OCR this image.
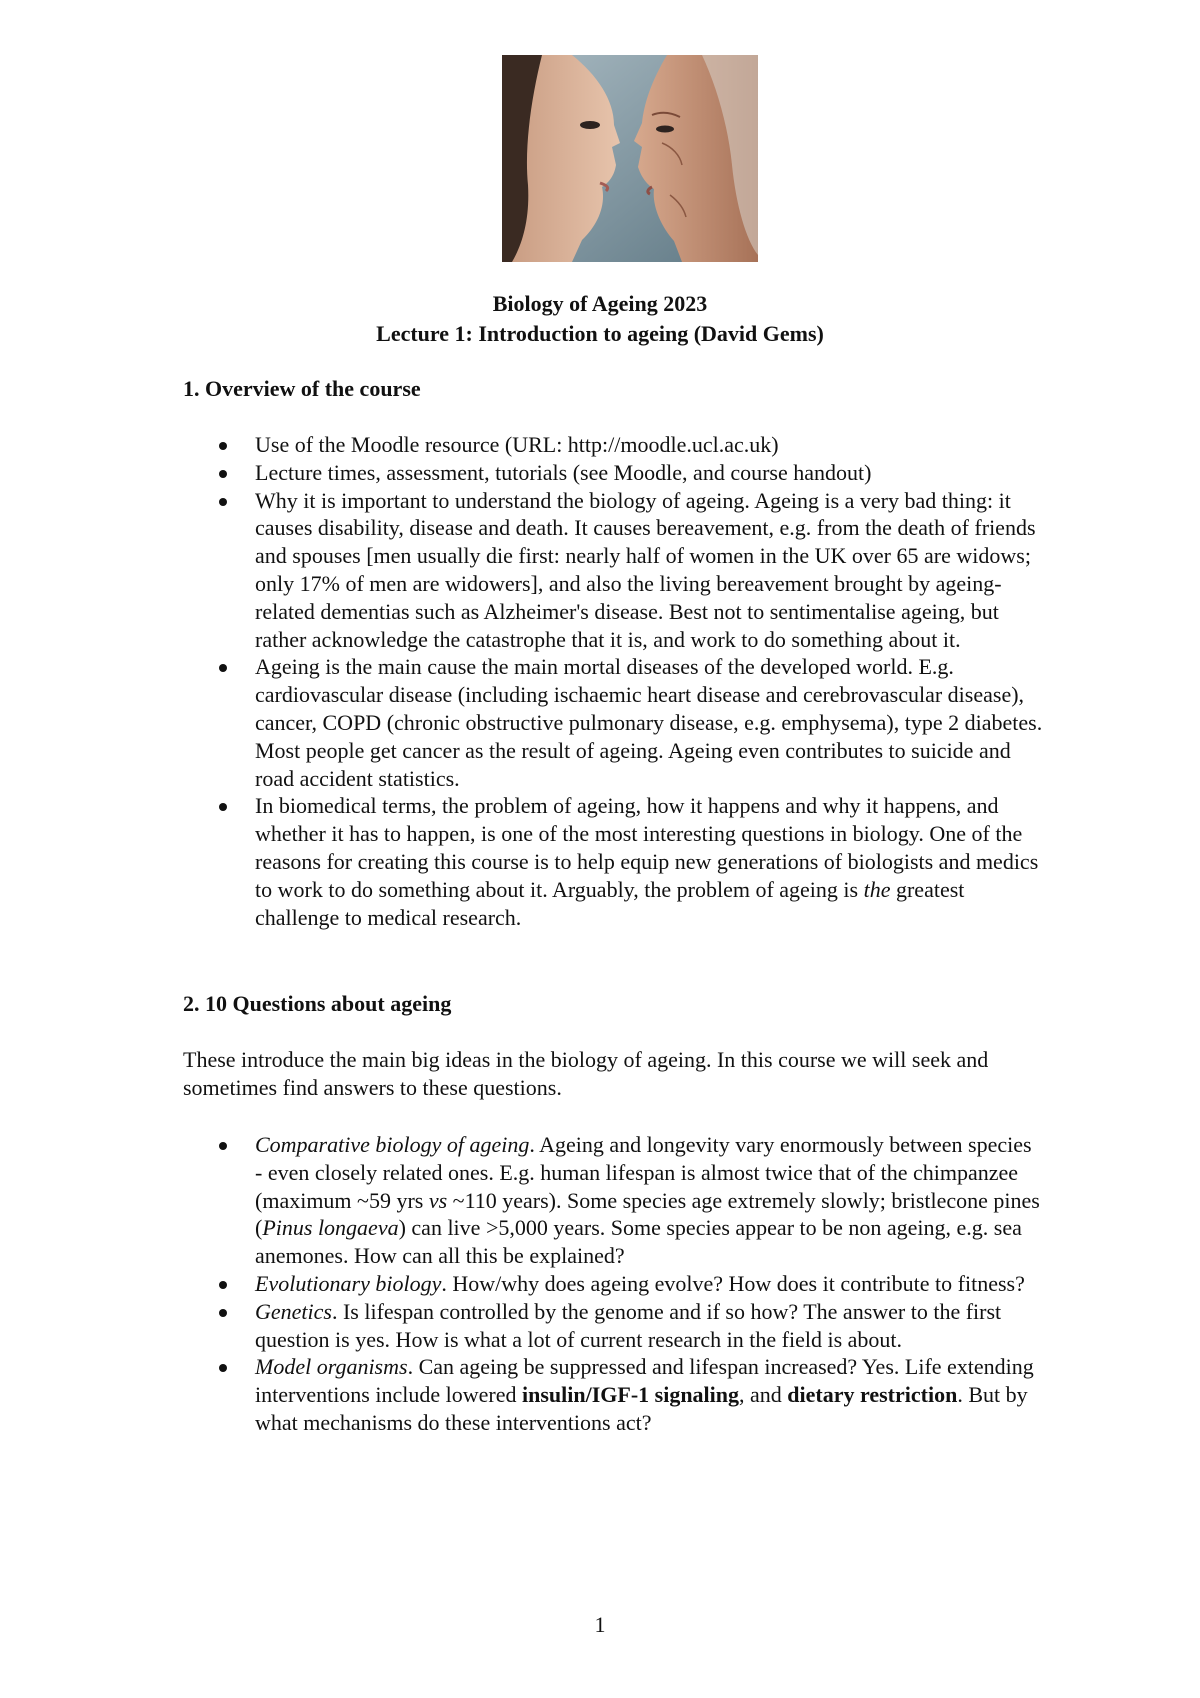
Biology of Ageing 2023
Lecture 1: Introduction to ageing (David Gems)
1. Overview of the course
Use of the Moodle resource (URL: http://moodle.ucl.ac.uk)
Lecture times, assessment, tutorials (see Moodle, and course handout)
Why it is important to understand the biology of ageing. Ageing is a very bad thing: it causes disability, disease and death. It causes bereavement, e.g. from the death of friends and spouses [men usually die first: nearly half of women in the UK over 65 are widows; only 17% of men are widowers], and also the living bereavement brought by ageing-related dementias such as Alzheimer's disease. Best not to sentimentalise ageing, but rather acknowledge the catastrophe that it is, and work to do something about it.
Ageing is the main cause the main mortal diseases of the developed world. E.g. cardiovascular disease (including ischaemic heart disease and cerebrovascular disease), cancer, COPD (chronic obstructive pulmonary disease, e.g. emphysema), type 2 diabetes. Most people get cancer as the result of ageing. Ageing even contributes to suicide and road accident statistics.
In biomedical terms, the problem of ageing, how it happens and why it happens, and whether it has to happen, is one of the most interesting questions in biology. One of the reasons for creating this course is to help equip new generations of biologists and medics to work to do something about it. Arguably, the problem of ageing is the greatest challenge to medical research.
2. 10 Questions about ageing
These introduce the main big ideas in the biology of ageing. In this course we will seek and sometimes find answers to these questions.
Comparative biology of ageing. Ageing and longevity vary enormously between species - even closely related ones. E.g. human lifespan is almost twice that of the chimpanzee (maximum ~59 yrs vs ~110 years). Some species age extremely slowly; bristlecone pines (Pinus longaeva) can live >5,000 years. Some species appear to be non ageing, e.g. sea anemones. How can all this be explained?
Evolutionary biology. How/why does ageing evolve? How does it contribute to fitness?
Genetics. Is lifespan controlled by the genome and if so how? The answer to the first question is yes. How is what a lot of current research in the field is about.
Model organisms. Can ageing be suppressed and lifespan increased? Yes. Life extending interventions include lowered insulin/IGF-1 signaling, and dietary restriction. But by what mechanisms do these interventions act?
1
